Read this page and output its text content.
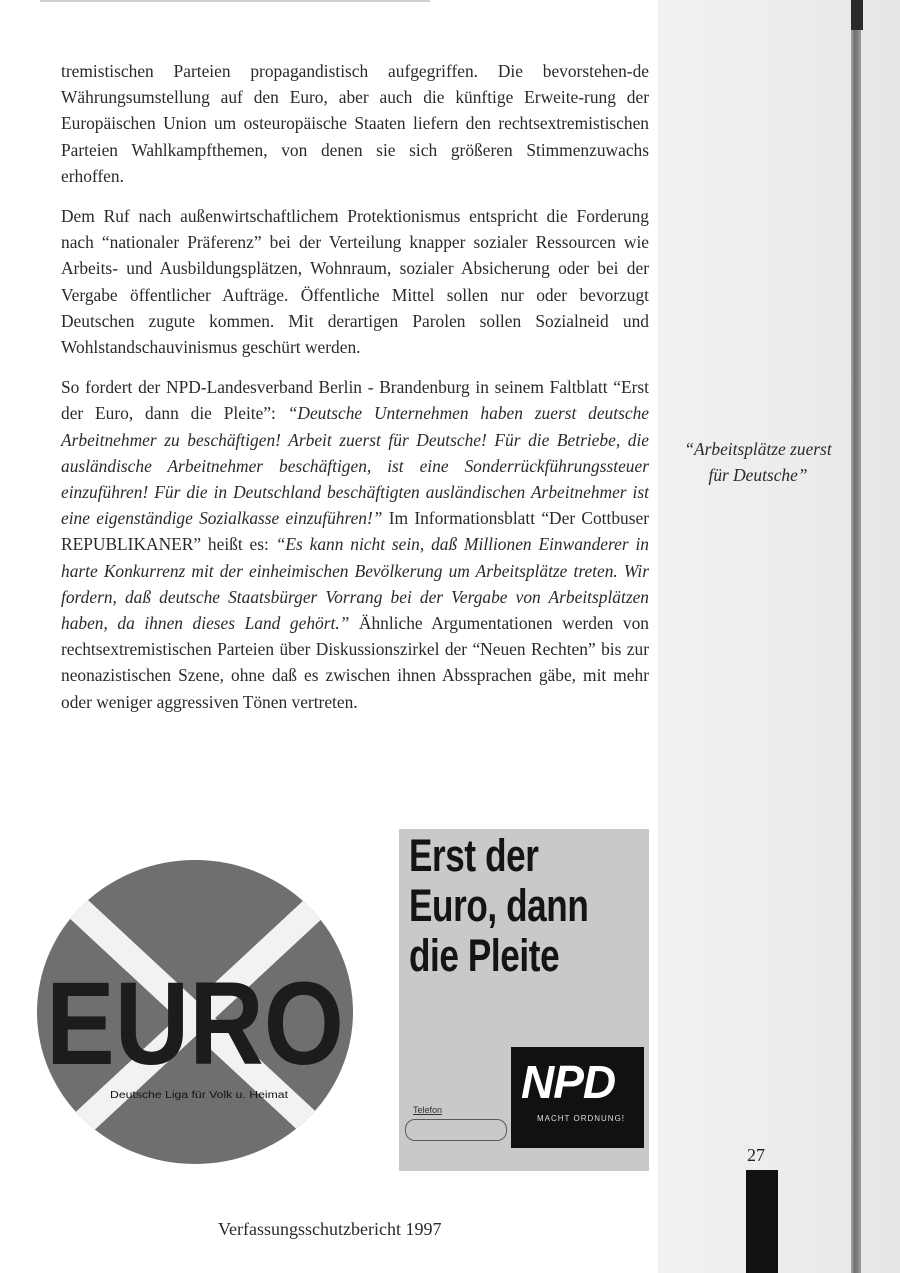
tremistischen Parteien propagandistisch aufgegriffen. Die bevorstehen-de Währungsumstellung auf den Euro, aber auch die künftige Erweite-rung der Europäischen Union um osteuropäische Staaten liefern den rechtsextremistischen Parteien Wahlkampfthemen, von denen sie sich größeren Stimmenzuwachs erhoffen.

Dem Ruf nach außenwirtschaftlichem Protektionismus entspricht die Forderung nach “nationaler Präferenz” bei der Verteilung knapper sozialer Ressourcen wie Arbeits- und Ausbildungsplätzen, Wohnraum, sozialer Absicherung oder bei der Vergabe öffentlicher Aufträge. Öffentliche Mittel sollen nur oder bevorzugt Deutschen zugute kommen. Mit derartigen Parolen sollen Sozialneid und Wohlstandschauvinismus geschürt werden.

So fordert der NPD-Landesverband Berlin - Brandenburg in seinem Faltblatt “Erst der Euro, dann die Pleite”: “Deutsche Unternehmen haben zuerst deutsche Arbeitnehmer zu beschäftigen! Arbeit zuerst für Deutsche! Für die Betriebe, die ausländische Arbeitnehmer beschäftigen, ist eine Sonderrückführungssteuer einzuführen! Für die in Deutschland beschäftigten ausländischen Arbeitnehmer ist eine eigenständige Sozialkasse einzuführen!” Im Informationsblatt “Der Cottbuser REPUBLIKANER” heißt es: “Es kann nicht sein, daß Millionen Einwanderer in harte Konkurrenz mit der einheimischen Bevölkerung um Arbeitsplätze treten. Wir fordern, daß deutsche Staatsbürger Vorrang bei der Vergabe von Arbeitsplätzen haben, da ihnen dieses Land gehört.” Ähnliche Argumentationen werden von rechtsextremistischen Parteien über Diskussionszirkel der “Neuen Rechten” bis zur neonazistischen Szene, ohne daß es zwischen ihnen Abssprachen gäbe, mit mehr oder weniger aggressiven Tönen vertreten.

“Arbeitsplätze zuerst für Deutsche”
EURO
Deutsche Liga für Volk u. Heimat
Erst der
Euro, dann
die Pleite
NPD
MACHT ORDNUNG!
Telefon
27
Verfassungsschutzbericht 1997
